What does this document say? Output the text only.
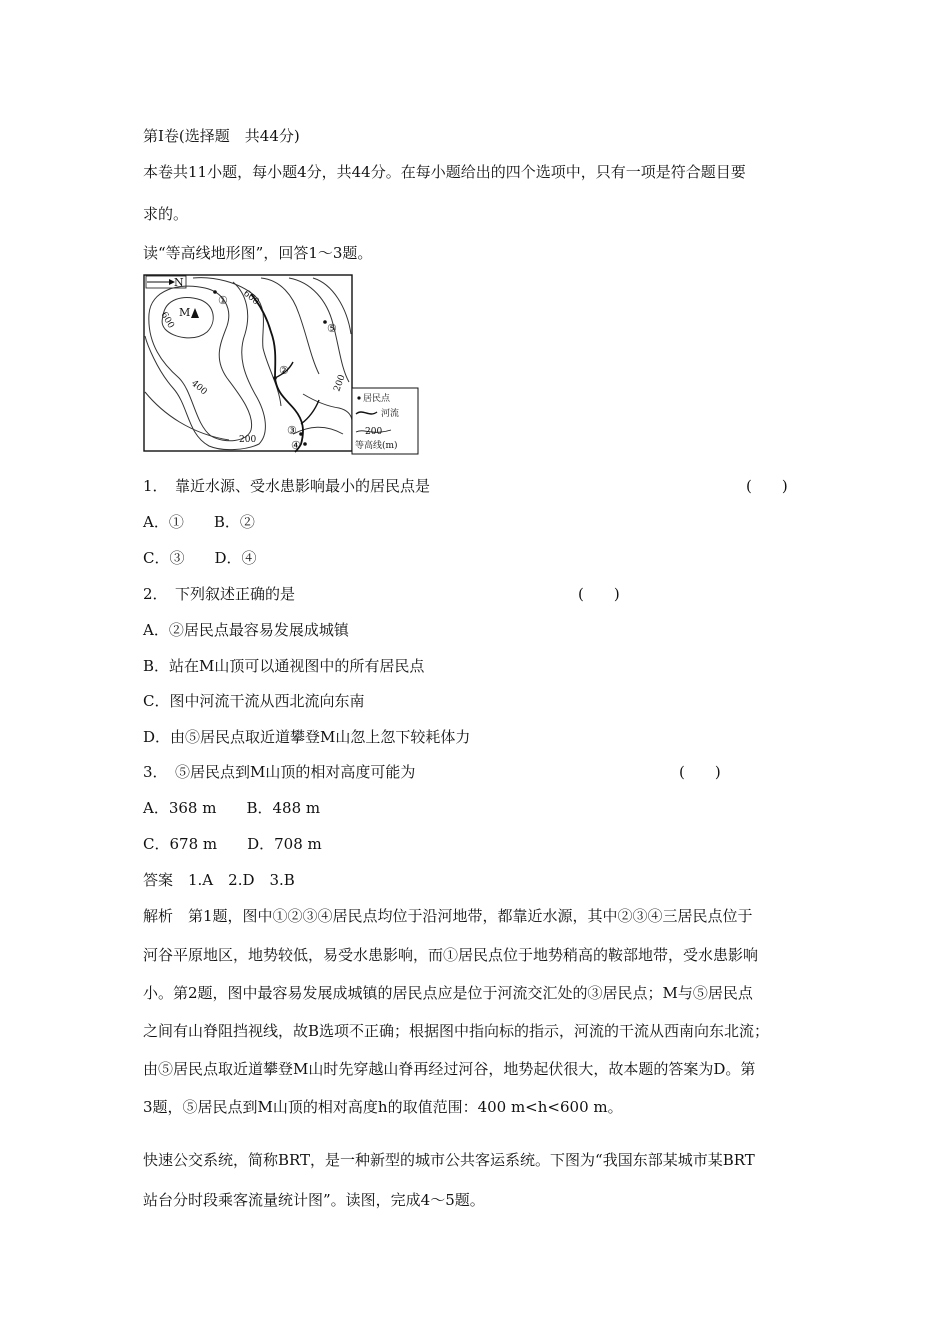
第Ⅰ卷(选择题　共44分)
本卷共11小题，每小题4分，共44分。在每小题给出的四个选项中，只有一项是符合题目要
求的。
读“等高线地形图”，回答1～3题。
N
M
①
②
③
④
⑤
600
600
400
200
200
居民点
河流
200
等高线(m)
1．　靠近水源、受水患影响最小的居民点是	(　　)
A．①　　B．②
C．③　　D．④
2．　下列叙述正确的是	(　　)
A．②居民点最容易发展成城镇
B．站在M山顶可以通视图中的所有居民点
C．图中河流干流从西北流向东南
D．由⑤居民点取近道攀登M山忽上忽下较耗体力
3．　⑤居民点到M山顶的相对高度可能为	(　　)
A．368 m　　B．488 m
C．678 m　　D．708 m
答案　1.A　2.D　3.B
解析　第1题，图中①②③④居民点均位于沿河地带，都靠近水源，其中②③④三居民点位于
河谷平原地区，地势较低，易受水患影响，而①居民点位于地势稍高的鞍部地带，受水患影响
小。第2题，图中最容易发展成城镇的居民点应是位于河流交汇处的③居民点；M与⑤居民点
之间有山脊阻挡视线，故B选项不正确；根据图中指向标的指示，河流的干流从西南向东北流；
由⑤居民点取近道攀登M山时先穿越山脊再经过河谷，地势起伏很大，故本题的答案为D。第
3题，⑤居民点到M山顶的相对高度h的取值范围：400 m<h<600 m。
快速公交系统，简称BRT，是一种新型的城市公共客运系统。下图为“我国东部某城市某BRT
站台分时段乘客流量统计图”。读图，完成4～5题。
